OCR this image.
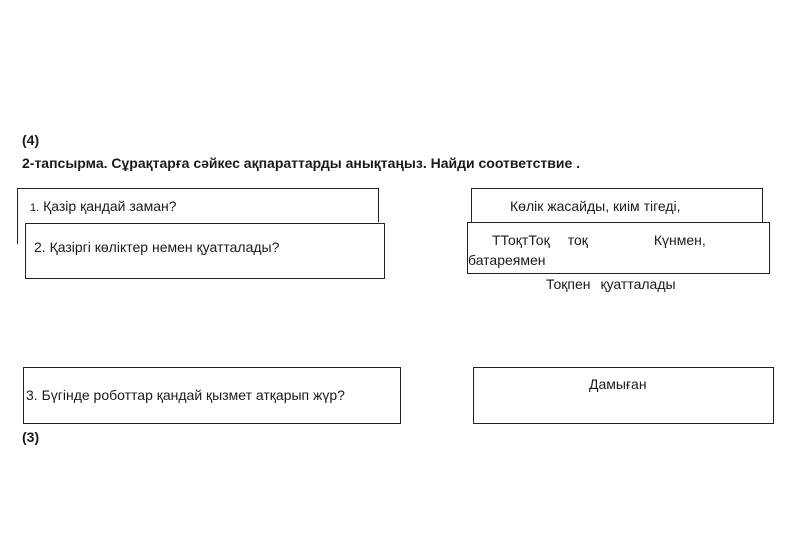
(4)
2-тапсырма. Сұрақтарға сәйкес ақпараттарды анықтаңыз. Найди соответствие .
1. Қазір қандай заман?
2. Қазіргі көліктер немен қуатталады?
Көлік жасайды, киім тігеді,
ТТоқтТоқ тоқ	Күнмен,
батареямен
Тоқпен қуатталады
3. Бүгінде роботтар қандай қызмет атқарып жүр?
Дамыған
(3)
